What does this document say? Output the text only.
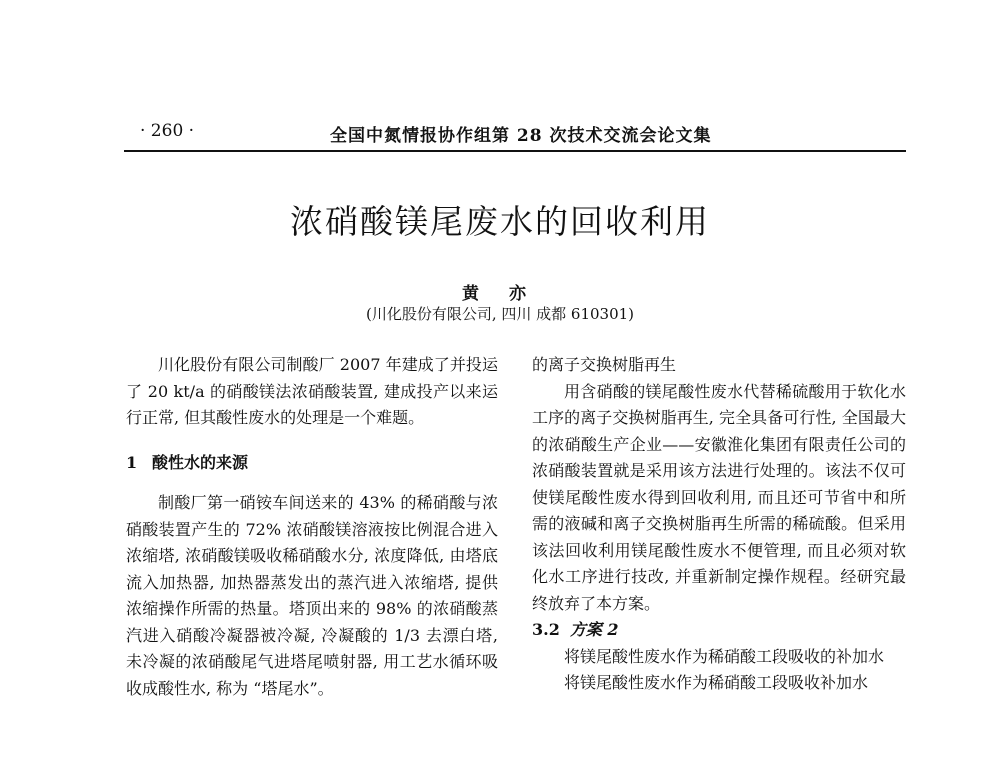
· 260 ·	全国中氮情报协作组第 28 次技术交流会论文集
浓硝酸镁尾废水的回收利用
黄 亦
(川化股份有限公司, 四川 成都 610301)

川化股份有限公司制酸厂 2007 年建成了并投运了 20 kt/a 的硝酸镁法浓硝酸装置, 建成投产以来运行正常, 但其酸性废水的处理是一个难题。

1 酸性水的来源

制酸厂第一硝铵车间送来的 43% 的稀硝酸与浓硝酸装置产生的 72% 浓硝酸镁溶液按比例混合进入浓缩塔, 浓硝酸镁吸收稀硝酸水分, 浓度降低, 由塔底流入加热器, 加热器蒸发出的蒸汽进入浓缩塔, 提供浓缩操作所需的热量。塔顶出来的 98% 的浓硝酸蒸汽进入硝酸冷凝器被冷凝, 冷凝酸的 1/3 去漂白塔, 未冷凝的浓硝酸尾气进塔尾喷射器, 用工艺水循环吸收成酸性水, 称为 “塔尾水”。

的离子交换树脂再生

用含硝酸的镁尾酸性废水代替稀硫酸用于软化水工序的离子交换树脂再生, 完全具备可行性, 全国最大的浓硝酸生产企业——安徽淮化集团有限责任公司的浓硝酸装置就是采用该方法进行处理的。该法不仅可使镁尾酸性废水得到回收利用, 而且还可节省中和所需的液碱和离子交换树脂再生所需的稀硫酸。但采用该法回收利用镁尾酸性废水不便管理, 而且必须对软化水工序进行技改, 并重新制定操作规程。经研究最终放弃了本方案。

3.2 方案 2

将镁尾酸性废水作为稀硝酸工段吸收的补加水

将镁尾酸性废水作为稀硝酸工段吸收补加水
